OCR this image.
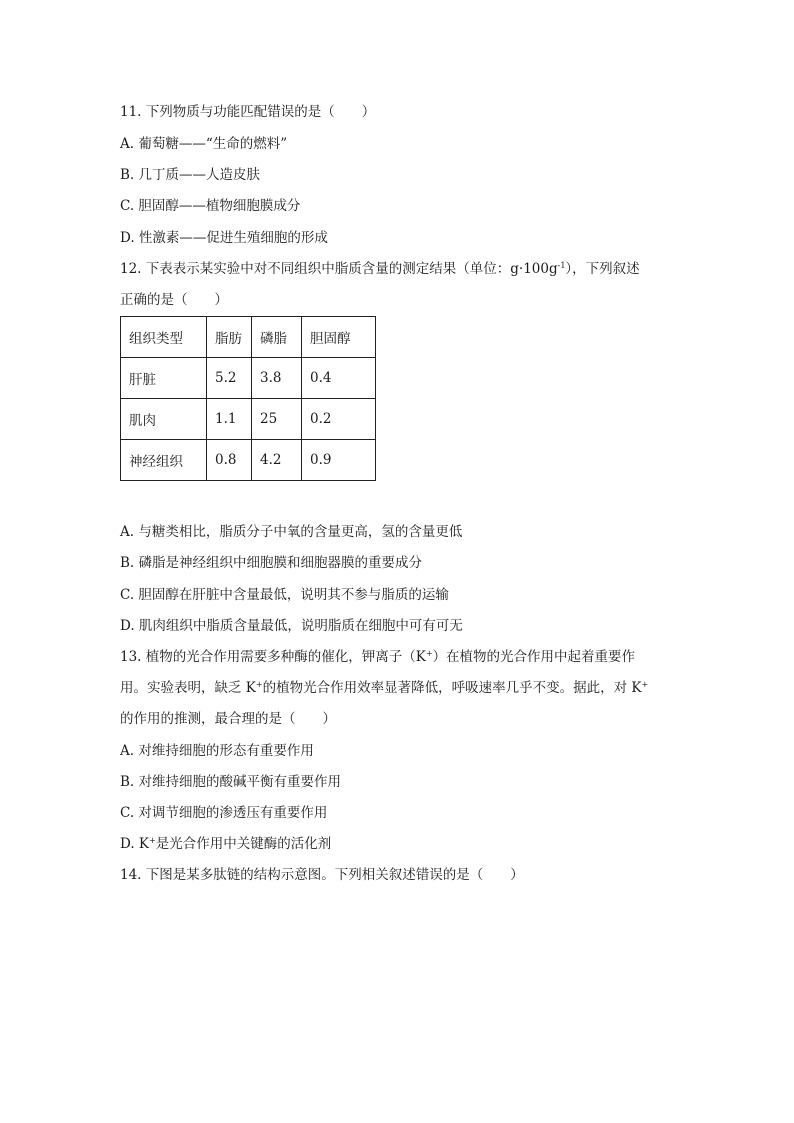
11. 下列物质与功能匹配错误的是（　　）
A. 葡萄糖——“生命的燃料”
B. 几丁质——人造皮肤
C. 胆固醇——植物细胞膜成分
D. 性激素——促进生殖细胞的形成
12. 下表表示某实验中对不同组织中脂质含量的测定结果（单位：$g\cdot 100g^{-1}$），下列叙述
正确的是（　　）
组织类型	脂肪	磷脂	胆固醇
肝脏	5.2	3.8	0.4
肌肉	1.1	25	0.2
神经组织	0.8	4.2	0.9
A. 与糖类相比，脂质分子中氧的含量更高，氢的含量更低
B. 磷脂是神经组织中细胞膜和细胞器膜的重要成分
C. 胆固醇在肝脏中含量最低，说明其不参与脂质的运输
D. 肌肉组织中脂质含量最低，说明脂质在细胞中可有可无
13. 植物的光合作用需要多种酶的催化，钾离子（K+）在植物的光合作用中起着重要作
用。实验表明，缺乏 K+的植物光合作用效率显著降低，呼吸速率几乎不变。据此，对 K+
的作用的推测，最合理的是（　　）
A. 对维持细胞的形态有重要作用
B. 对维持细胞的酸碱平衡有重要作用
C. 对调节细胞的渗透压有重要作用
D. K+是光合作用中关键酶的活化剂
14. 下图是某多肽链的结构示意图。下列相关叙述错误的是（　　）
